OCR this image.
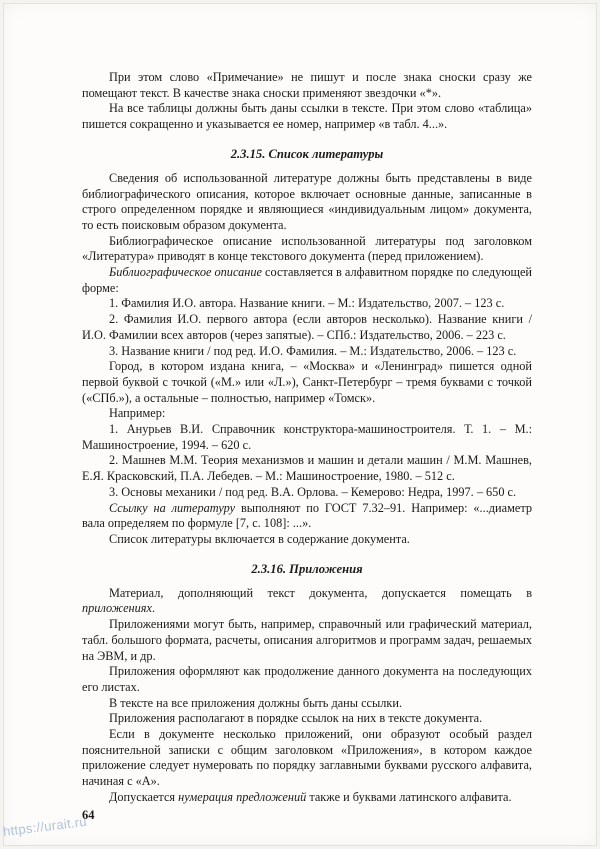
При этом слово «Примечание» не пишут и после знака сноски сразу же помещают текст. В качестве знака сноски применяют звездочки «*».

На все таблицы должны быть даны ссылки в тексте. При этом слово «таблица» пишется сокращенно и указывается ее номер, например «в табл. 4...».

2.3.15. Список литературы

Сведения об использованной литературе должны быть представлены в виде библиографического описания, которое включает основные данные, записанные в строго определенном порядке и являющиеся «индивидуальным лицом» документа, то есть поисковым образом документа.

Библиографическое описание использованной литературы под заголовком «Литература» приводят в конце текстового документа (перед приложением).

Библиографическое описание составляется в алфавитном порядке по следующей форме:

1. Фамилия И.О. автора. Название книги. – М.: Издательство, 2007. – 123 с.

2. Фамилия И.О. первого автора (если авторов несколько). Название книги / И.О. Фамилии всех авторов (через запятые). – СПб.: Издательство, 2006. – 223 с.

3. Название книги / под ред. И.О. Фамилия. – М.: Издательство, 2006. – 123 с.

Город, в котором издана книга, – «Москва» и «Ленинград» пишется одной первой буквой с точкой («М.» или «Л.»), Санкт-Петербург – тремя буквами с точкой («СПб.»), а остальные – полностью, например «Томск».

Например:

1. Анурьев В.И. Справочник конструктора-машиностроителя. Т. 1. – М.: Машиностроение, 1994. – 620 с.

2. Машнев М.М. Теория механизмов и машин и детали машин / М.М. Машнев, Е.Я. Красковский, П.А. Лебедев. – М.: Машиностроение, 1980. – 512 с.

3. Основы механики / под ред. В.А. Орлова. – Кемерово: Недра, 1997. – 650 с.

Ссылку на литературу выполняют по ГОСТ 7.32–91. Например: «...диаметр вала определяем по формуле [7, с. 108]: ...».

Список литературы включается в содержание документа.

2.3.16. Приложения

Материал, дополняющий текст документа, допускается помещать в приложениях.

Приложениями могут быть, например, справочный или графический материал, табл. большого формата, расчеты, описания алгоритмов и программ задач, решаемых на ЭВМ, и др.

Приложения оформляют как продолжение данного документа на последующих его листах.

В тексте на все приложения должны быть даны ссылки.

Приложения располагают в порядке ссылок на них в тексте документа.

Если в документе несколько приложений, они образуют особый раздел пояснительной записки с общим заголовком «Приложения», в котором каждое приложение следует нумеровать по порядку заглавными буквами русского алфавита, начиная с «А».

Допускается нумерация предложений также и буквами латинского алфавита.

64
https://urait.ru
